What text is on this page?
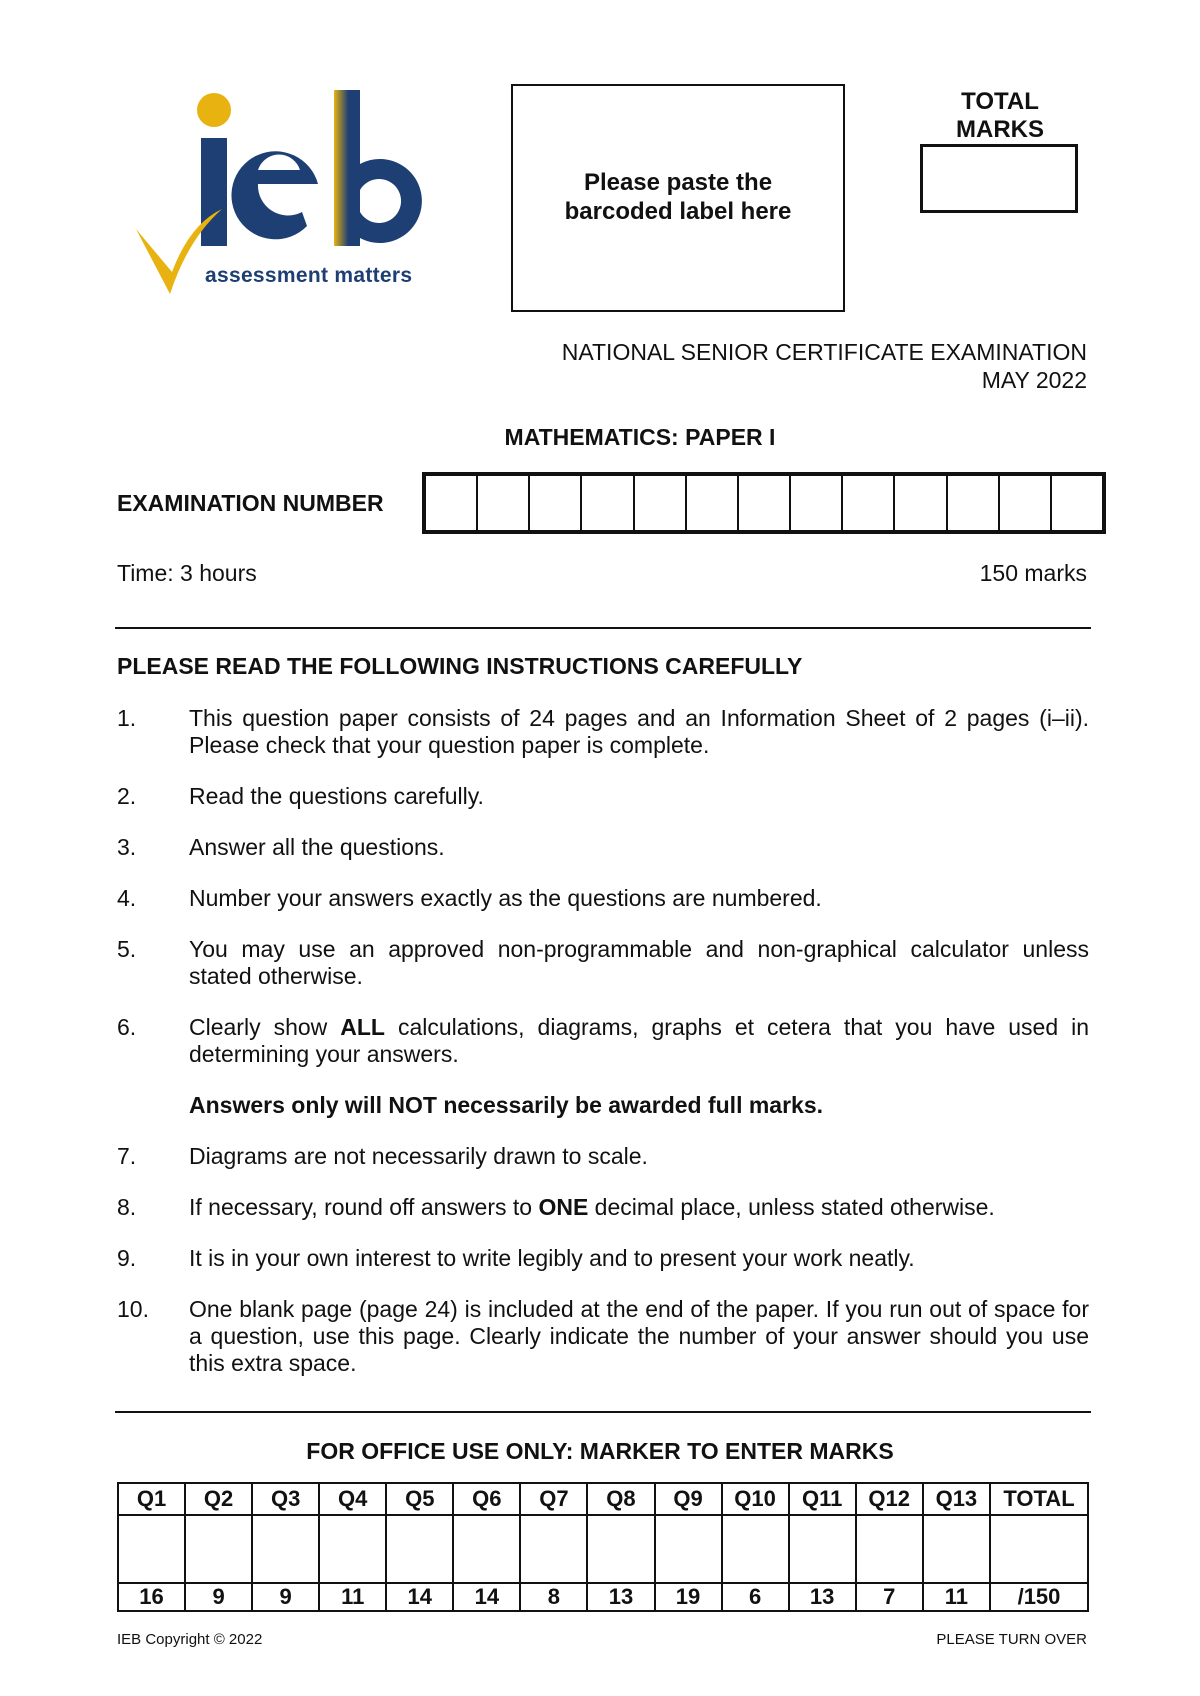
assessment matters
Please paste the barcoded label here
TOTAL MARKS
NATIONAL SENIOR CERTIFICATE EXAMINATION
MAY 2022
MATHEMATICS: PAPER I
EXAMINATION NUMBER
Time: 3 hours	150 marks
PLEASE READ THE FOLLOWING INSTRUCTIONS CAREFULLY
1.	This question paper consists of 24 pages and an Information Sheet of 2 pages (i–ii). Please check that your question paper is complete.
2.	Read the questions carefully.
3.	Answer all the questions.
4.	Number your answers exactly as the questions are numbered.
5.	You may use an approved non-programmable and non-graphical calculator unless stated otherwise.
6.	Clearly show ALL calculations, diagrams, graphs et cetera that you have used in determining your answers.
Answers only will NOT necessarily be awarded full marks.
7.	Diagrams are not necessarily drawn to scale.
8.	If necessary, round off answers to ONE decimal place, unless stated otherwise.
9.	It is in your own interest to write legibly and to present your work neatly.
10.	One blank page (page 24) is included at the end of the paper. If you run out of space for a question, use this page. Clearly indicate the number of your answer should you use this extra space.
FOR OFFICE USE ONLY: MARKER TO ENTER MARKS
Q1	Q2	Q3	Q4	Q5	Q6	Q7	Q8	Q9	Q10	Q11	Q12	Q13	TOTAL

16	9	9	11	14	14	8	13	19	6	13	7	11	/150
IEB Copyright © 2022	PLEASE TURN OVER
